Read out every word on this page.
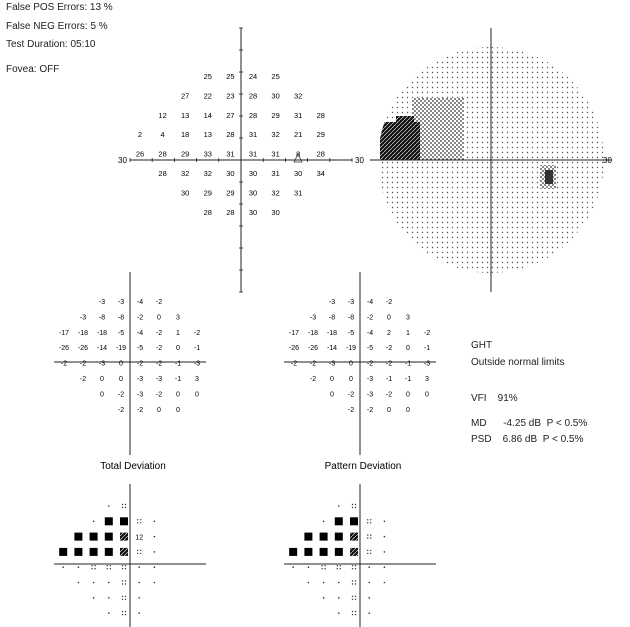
False POS Errors: 13 %
False NEG Errors: 5 %
Test Duration: 05:10
Fovea: OFF
30	30
25 25 24 25
27 22 23 28 30 32
12 13 14 27 28 29 31 28
2 4 18 13 28 31 32 21 29
26 28 29 33 31 31 31 8 28
28 32 32 30 30 31 30 34
30 29 29 30 32 31
28 28 30 30
30
-3 -3 -4 -2
-3 -8 -8 -2 0 3
-17 -18 -18 -5 -4 -2 1 -2
-26 -26 -14 -19 -5 -2 0 -1
-2 -2 -3 0 -2 -2 -1 -3
-2 0 0 -3 -3 -1 3
0 -2 -3 -2 0 0
-2 -2 0 0
Total Deviation
-3 -3 -4 -2
-3 -8 -8 -2 0 3
-17 -18 -18 -5 -4 2 1 -2
-26 -26 -14 -19 -5 -2 0 -1
-2 -2 -3 0 -2 -2 -1 -3
-2 0 0 -3 -1 -1 3
0 -2 -3 -2 0 0
-2 -2 0 0
Pattern Deviation
12
GHT
Outside normal limits
VFI    91%
MD      -4.25 dB  P < 0.5%
PSD    6.86 dB  P < 0.5%
